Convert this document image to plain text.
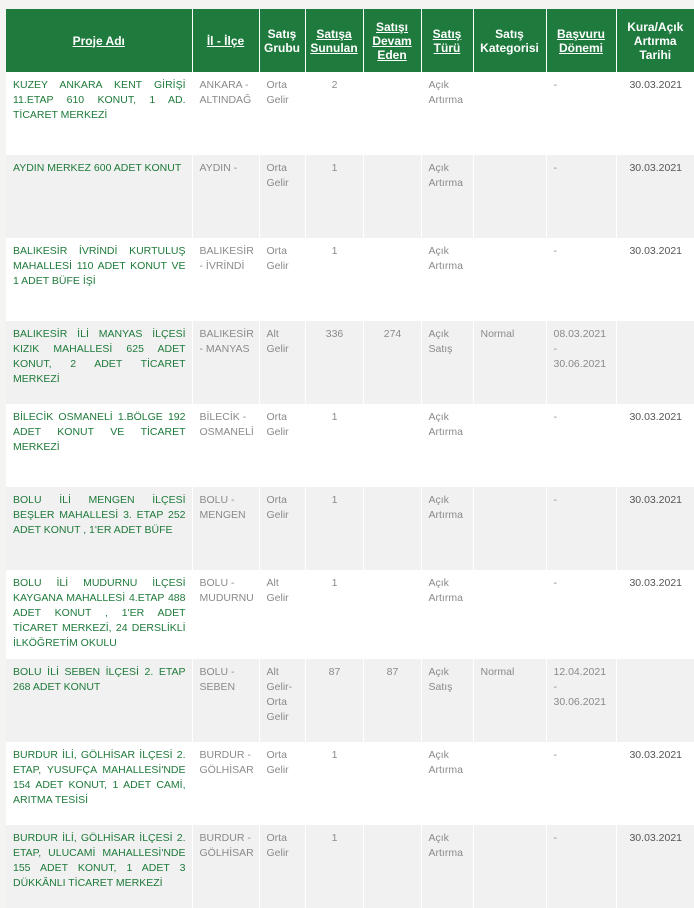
Proje Adı	İl - İlçe	Satış Grubu	Satışa Sunulan	Satışı Devam Eden	Satış Türü	Satış Kategorisi	Başvuru Dönemi	Kura/Açık Artırma Tarihi
KUZEY ANKARA KENT GİRİŞİ 11.ETAP 610 KONUT, 1 AD. TİCARET MERKEZİ	ANKARA - ALTINDAĞ	Orta Gelir	2		Açık Artırma		-	30.03.2021
AYDIN MERKEZ 600 ADET KONUT	AYDIN -	Orta Gelir	1		Açık Artırma		-	30.03.2021
BALIKESİR İVRİNDİ KURTULUŞ MAHALLESİ 110 ADET KONUT VE 1 ADET BÜFE İŞİ	BALIKESİR - İVRİNDİ	Orta Gelir	1		Açık Artırma		-	30.03.2021
BALIKESİR İLİ MANYAS İLÇESİ KIZIK MAHALLESİ 625 ADET KONUT, 2 ADET TİCARET MERKEZİ	BALIKESİR - MANYAS	Alt Gelir	336	274	Açık Satış	Normal	08.03.2021 - 30.06.2021	
BİLECİK OSMANELİ 1.BÖLGE 192 ADET KONUT VE TİCARET MERKEZİ	BİLECİK - OSMANELİ	Orta Gelir	1		Açık Artırma		-	30.03.2021
BOLU İLİ MENGEN İLÇESİ BEŞLER MAHALLESİ 3. ETAP 252 ADET KONUT , 1'ER ADET BÜFE	BOLU - MENGEN	Orta Gelir	1		Açık Artırma		-	30.03.2021
BOLU İLİ MUDURNU İLÇESİ KAYGANA MAHALLESİ 4.ETAP 488 ADET KONUT , 1'ER ADET TİCARET MERKEZİ, 24 DERSLİKLİ İLKÖĞRETİM OKULU	BOLU - MUDURNU	Alt Gelir	1		Açık Artırma		-	30.03.2021
BOLU İLİ SEBEN İLÇESİ 2. ETAP 268 ADET KONUT	BOLU - SEBEN	Alt Gelir-Orta Gelir	87	87	Açık Satış	Normal	12.04.2021 - 30.06.2021	
BURDUR İLİ, GÖLHİSAR İLÇESİ 2. ETAP, YUSUFÇA MAHALLESİ'NDE 154 ADET KONUT, 1 ADET CAMİ, ARITMA TESİSİ	BURDUR - GÖLHİSAR	Orta Gelir	1		Açık Artırma		-	30.03.2021
BURDUR İLİ, GÖLHİSAR İLÇESİ 2. ETAP, ULUCAMİ MAHALLESİ'NDE 155 ADET KONUT, 1 ADET 3 DÜKKÂNLI TİCARET MERKEZİ	BURDUR - GÖLHİSAR	Orta Gelir	1		Açık Artırma		-	30.03.2021
